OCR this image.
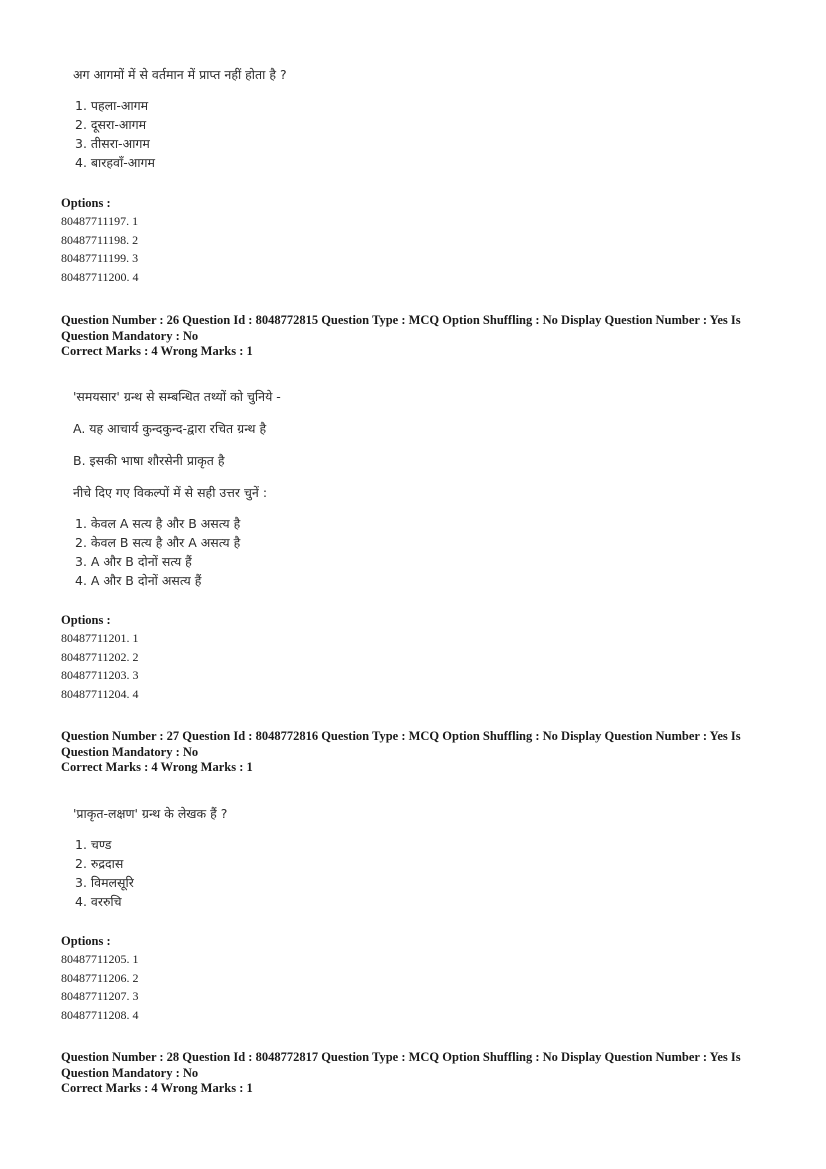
अग आगमों में से वर्तमान में प्राप्त नहीं होता है ?
1. पहला-आगम
2. दूसरा-आगम
3. तीसरा-आगम
4. बारहवाँ-आगम
Options :
80487711197. 1
80487711198. 2
80487711199. 3
80487711200. 4
Question Number : 26 Question Id : 8048772815 Question Type : MCQ Option Shuffling : No Display Question Number : Yes Is
Question Mandatory : No
Correct Marks : 4 Wrong Marks : 1
'समयसार' ग्रन्थ से सम्बन्धित तथ्यों को चुनिये -
A. यह आचार्य कुन्दकुन्द-द्वारा रचित ग्रन्थ है
B. इसकी भाषा शौरसेनी प्राकृत है
नीचे दिए गए विकल्पों में से सही उत्तर चुनें :
1. केवल A सत्य है और B असत्य है
2. केवल B सत्य है और A असत्य है
3. A और B दोनों सत्य हैं
4. A और B दोनों असत्य हैं
Options :
80487711201. 1
80487711202. 2
80487711203. 3
80487711204. 4
Question Number : 27 Question Id : 8048772816 Question Type : MCQ Option Shuffling : No Display Question Number : Yes Is
Question Mandatory : No
Correct Marks : 4 Wrong Marks : 1
'प्राकृत-लक्षण' ग्रन्थ के लेखक हैं ?
1. चण्ड
2. रुद्रदास
3. विमलसूरि
4. वररुचि
Options :
80487711205. 1
80487711206. 2
80487711207. 3
80487711208. 4
Question Number : 28 Question Id : 8048772817 Question Type : MCQ Option Shuffling : No Display Question Number : Yes Is
Question Mandatory : No
Correct Marks : 4 Wrong Marks : 1
